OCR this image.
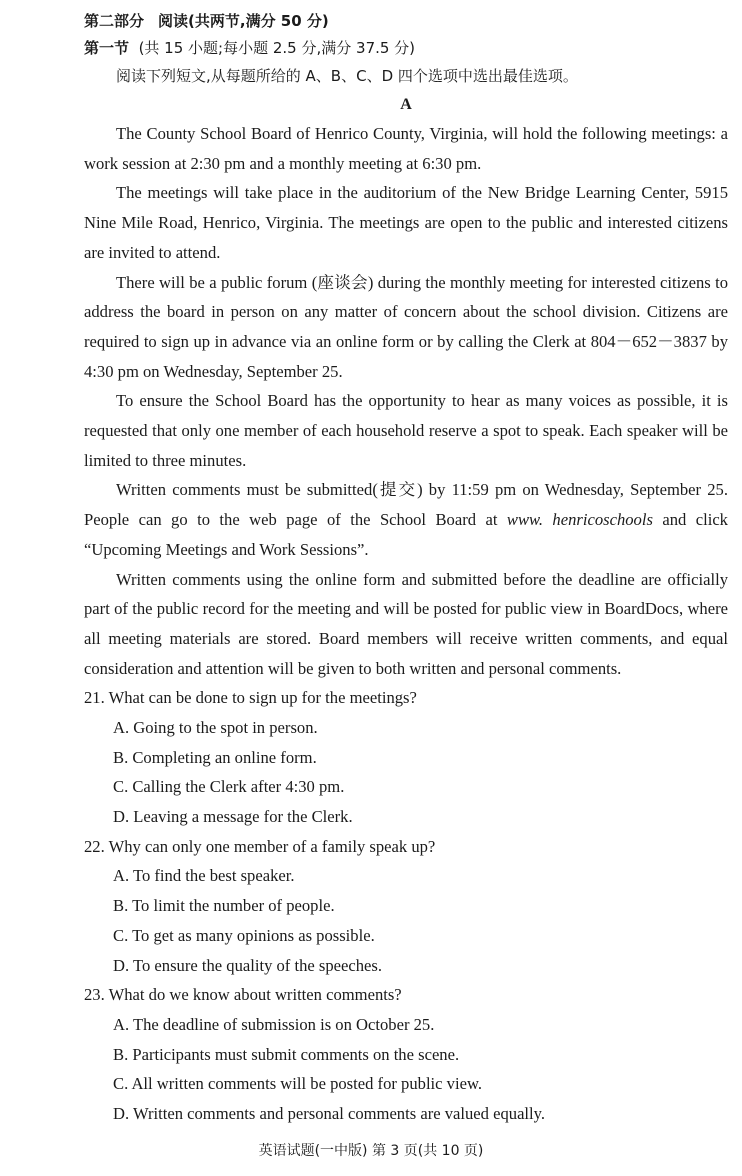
第二部分 阅读(共两节,满分 50 分)
第一节 (共 15 小题;每小题 2.5 分,满分 37.5 分)
阅读下列短文,从每题所给的 A、B、C、D 四个选项中选出最佳选项。
A

The County School Board of Henrico County, Virginia, will hold the following meetings: a work session at 2:30 pm and a monthly meeting at 6:30 pm.

The meetings will take place in the auditorium of the New Bridge Learning Center, 5915 Nine Mile Road, Henrico, Virginia. The meetings are open to the public and interested citizens are invited to attend.

There will be a public forum (座谈会) during the monthly meeting for interested citizens to address the board in person on any matter of concern about the school division. Citizens are required to sign up in advance via an online form or by calling the Clerk at 804－652－3837 by 4:30 pm on Wednesday, September 25.

To ensure the School Board has the opportunity to hear as many voices as possible, it is requested that only one member of each household reserve a spot to speak. Each speaker will be limited to three minutes.

Written comments must be submitted(提交) by 11:59 pm on Wednesday, September 25. People can go to the web page of the School Board at www. henricoschools and click “Upcoming Meetings and Work Sessions”.

Written comments using the online form and submitted before the deadline are officially part of the public record for the meeting and will be posted for public view in BoardDocs, where all meeting materials are stored. Board members will receive written comments, and equal consideration and attention will be given to both written and personal comments.

21. What can be done to sign up for the meetings?
A. Going to the spot in person.
B. Completing an online form.
C. Calling the Clerk after 4:30 pm.
D. Leaving a message for the Clerk.
22. Why can only one member of a family speak up?
A. To find the best speaker.
B. To limit the number of people.
C. To get as many opinions as possible.
D. To ensure the quality of the speeches.
23. What do we know about written comments?
A. The deadline of submission is on October 25.
B. Participants must submit comments on the scene.
C. All written comments will be posted for public view.
D. Written comments and personal comments are valued equally.
英语试题(一中版) 第 3 页(共 10 页)
